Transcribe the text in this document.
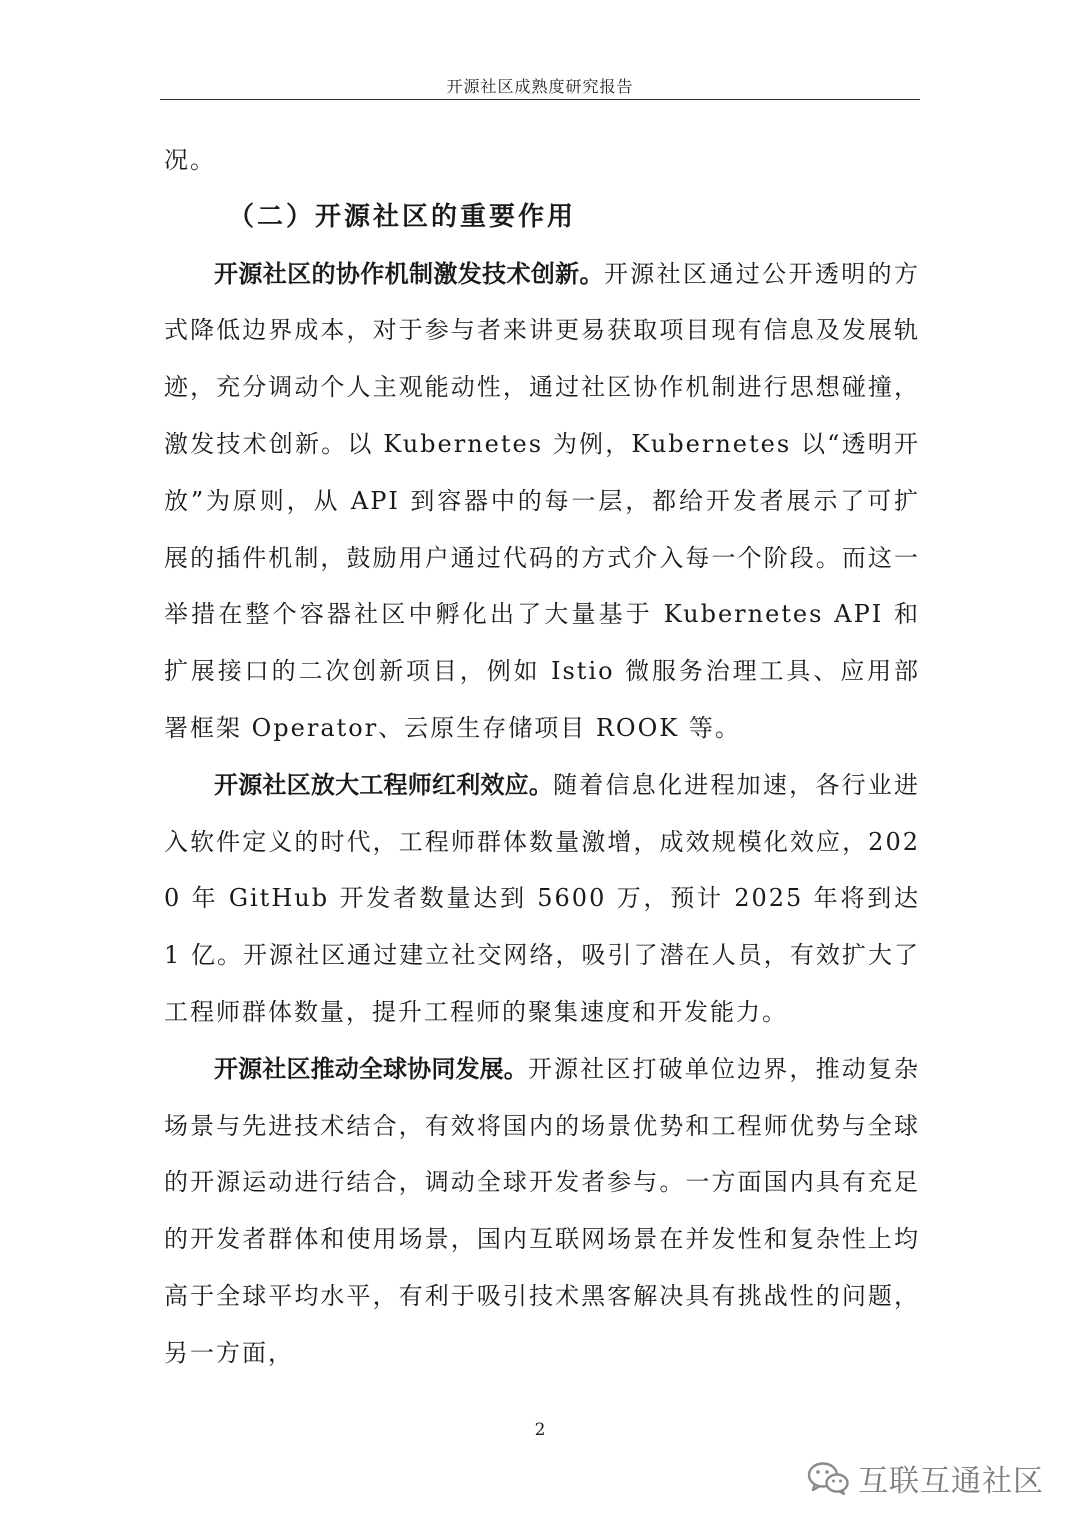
开源社区成熟度研究报告

况。

（二）开源社区的重要作用

开源社区的协作机制激发技术创新。开源社区通过公开透明的方式降低边界成本，对于参与者来讲更易获取项目现有信息及发展轨迹，充分调动个人主观能动性，通过社区协作机制进行思想碰撞，激发技术创新。以 Kubernetes 为例，Kubernetes 以“透明开放”为原则，从 API 到容器中的每一层，都给开发者展示了可扩展的插件机制，鼓励用户通过代码的方式介入每一个阶段。而这一举措在整个容器社区中孵化出了大量基于 Kubernetes API 和扩展接口的二次创新项目，例如 Istio 微服务治理工具、应用部署框架 Operator、云原生存储项目 ROOK 等。

开源社区放大工程师红利效应。随着信息化进程加速，各行业进入软件定义的时代，工程师群体数量激增，成效规模化效应，2020 年 GitHub 开发者数量达到 5600 万，预计 2025 年将到达 1 亿。开源社区通过建立社交网络，吸引了潜在人员，有效扩大了工程师群体数量，提升工程师的聚集速度和开发能力。

开源社区推动全球协同发展。开源社区打破单位边界，推动复杂场景与先进技术结合，有效将国内的场景优势和工程师优势与全球的开源运动进行结合，调动全球开发者参与。一方面国内具有充足的开发者群体和使用场景，国内互联网场景在并发性和复杂性上均高于全球平均水平，有利于吸引技术黑客解决具有挑战性的问题，另一方面，

2
互联互通社区
